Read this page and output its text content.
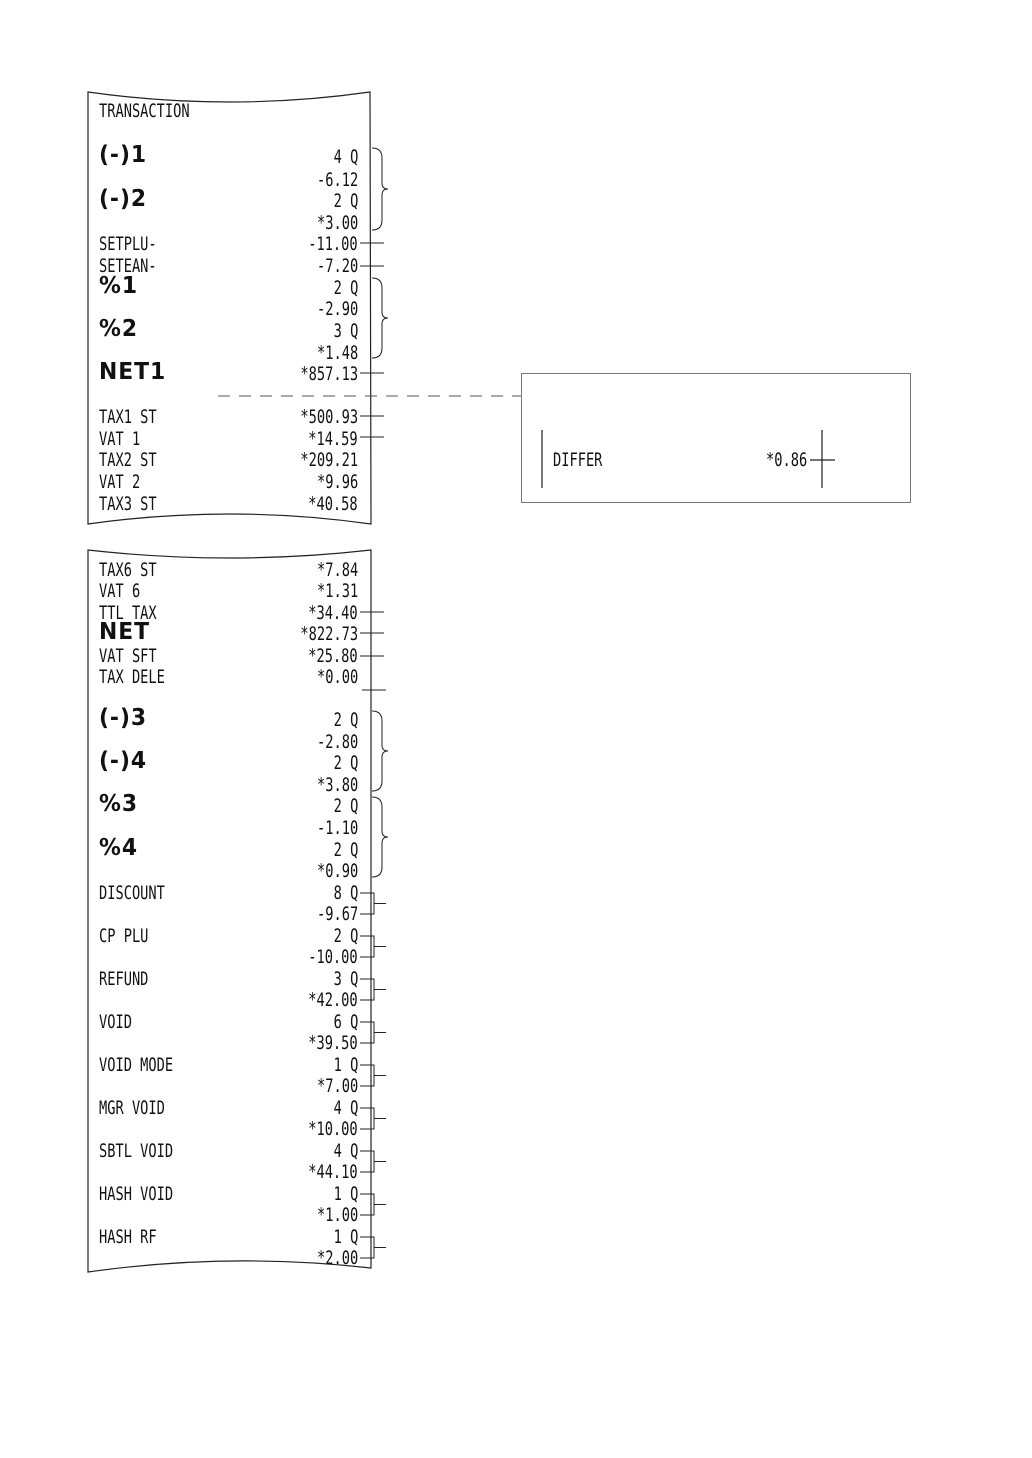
TRANSACTION
(-)1	4 Q
-6.12
(-)2	2 Q
*3.00
SETPLU-	-11.00
SETEAN-	-7.20
%1	2 Q
-2.90
%2	3 Q
*1.48
NET1	*857.13
TAX1 ST	*500.93
VAT 1	*14.59
TAX2 ST	*209.21
VAT 2	*9.96
TAX3 ST	*40.58
TAX6 ST	*7.84
VAT 6	*1.31
TTL TAX	*34.40
NET	*822.73
VAT SFT	*25.80
TAX DELE	*0.00
(-)3	2 Q
-2.80
(-)4	2 Q
*3.80
%3	2 Q
-1.10
%4	2 Q
*0.90
DISCOUNT	8 Q
-9.67
CP PLU	2 Q
-10.00
REFUND	3 Q
*42.00
VOID	6 Q
*39.50
VOID MODE	1 Q
*7.00
MGR VOID	4 Q
*10.00
SBTL VOID	4 Q
*44.10
HASH VOID	1 Q
*1.00
HASH RF	1 Q
*2.00
DIFFER	*0.86
